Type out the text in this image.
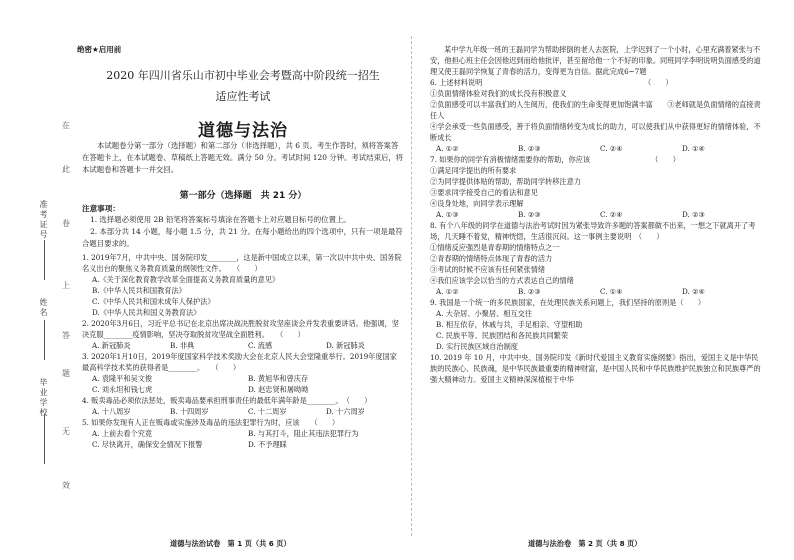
准考证号
姓名
毕业学校
在
此
卷
上
答
题
无
效
绝密★启用前
2020 年四川省乐山市初中毕业会考暨高中阶段统一招生
适应性考试
道德与法治
本试题卷分第一部分（选择题）和第二部分（非选择题），共 6 页。考生作答时，须将答案答在答题卡上，在本试题卷、草稿纸上答题无效。满分 50 分。考试时间 120 分钟。考试结束后，将本试题卷和答题卡一并交回。
第一部分（选择题　共 21 分）
注意事项：

1. 选择题必须使用 2B 铅笔将答案标号填涂在答题卡上对应题目标号的位置上。

2. 本部分共 14 小题，每小题 1.5 分，共 21 分。在每小题给出的四个选项中，只有一项是最符合题目要求的。

1. 2019年7月，中共中央、国务院印发________，这是新中国成立以来，第一次以中共中央、国务院名义出台的聚焦义务教育质量的纲领性文件。　　（　　）

A.《关于深化教育教学改革全面提高义务教育质量的意见》

B.《中华人民共和国教育法》

C.《中华人民共和国未成年人保护法》

D.《中华人民共和国义务教育法》

2. 2020年3月6日，习近平总书记在北京出席决战决胜脱贫攻坚座谈会并发表重要讲话。他强调，坚决克服________疫情影响，坚决夺取脱贫攻坚战全面胜利。　　（　　）

A. 新冠肺炎	B. 非典	C. 流感	D. 新冠肺炎

3. 2020年1月10日，2019年度国家科学技术奖励大会在北京人民大会堂隆重举行。2019年度国家最高科学技术奖的获得者是________。　　（　　）

A. 袁隆平和吴文俊	B. 黄旭华和曾庆存

C. 刘永坦和钱七虎	D. 赵忠贤和屠呦呦

4. 贩卖毒品必须依法惩处，贩卖毒品要承担刑事责任的最低年满年龄是________。　（　　）

A. 十八周岁	B. 十四周岁	C. 十二周岁	D. 十六周岁

5. 如果你发现有人正在贩毒或实施涉及毒品的违法犯罪行为时，应该　　（　　）

A. 上前去看个究竟	B. 与其打斗，阻止其违法犯罪行为

C. 尽快离开，确保安全情况下报警	D. 不予理睬

道德与法治试卷　第 1 页（共 6 页）

某中学九年级一班的王磊同学为帮助摔倒的老人去医院，上学迟到了一个小时，心里充满着紧张与不安，他担心班主任会因他迟到而给他批评，甚至留给他一个不好的印象。同班同学李明说明负面感受的道理又使王磊同学恢复了青春的活力，变得更为自信。据此完成6~7题

6. 上述材料说明　　　　　　　　　　　　　　　　　　　　　　　（　　）

①负面情绪体验对我们的成长没有积极意义

②负面感受可以丰富我们的人生阅历，使我们的生命变得更加饱满丰富　　③老师就是负面情绪的直接责任人

④学会承受一些负面感受，善于将负面情绪转变为成长的助力，可以使我们从中获得更好的情绪体验，不断成长

A. ①②	B. ②③	C. ②④	D. ①④

7. 如果你的同学有消极情绪需要你的帮助，你应该　　　　　　　　　（　　）

①满足同学提出的所有要求

②为同学提供体贴的帮助，帮助同学转移注意力

③要求同学接受自己的看法和意见

④设身处地，向同学表示理解

A. ①③	B. ②③	C. ②④	D. ②③

8. 有个八年级的同学在道德与法治考试时因为紧张导致许多题的答案都做不出来，一想之下就离开了考场，几天睡不着觉，精神恍惚，生活很沉闷。这一事例主要说明　（　　）

①情绪反应强烈是青春期的情绪特点之一

②青春期的情绪特点体现了青春的活力

③考试的时候不应该有任何紧张情绪

④我们应该学会以恰当的方式表达自己的情绪

A. ①②	B. ②③	C. ①④	D. ②④

9. 我国是一个统一的多民族国家，在处理民族关系问题上，我们坚持的原则是（　　）

A. 大杂居、小聚居、相互交往

B. 相互依存，休戚与共，手足相亲、守望相助

C. 民族平等、民族团结和各民族共同繁荣

D. 实行民族区域自治制度

10. 2019 年 10 月，中共中央、国务院印发《新时代爱国主义教育实施纲要》指出，爱国主义是中华民族的民族心、民族魂，是中华民族最重要的精神财富，是中国人民和中华民族维护民族独立和民族尊严的强大精神动力。爱国主义精神深深植根于中华

道德与法治卷　第 2 页（共 8 页）
